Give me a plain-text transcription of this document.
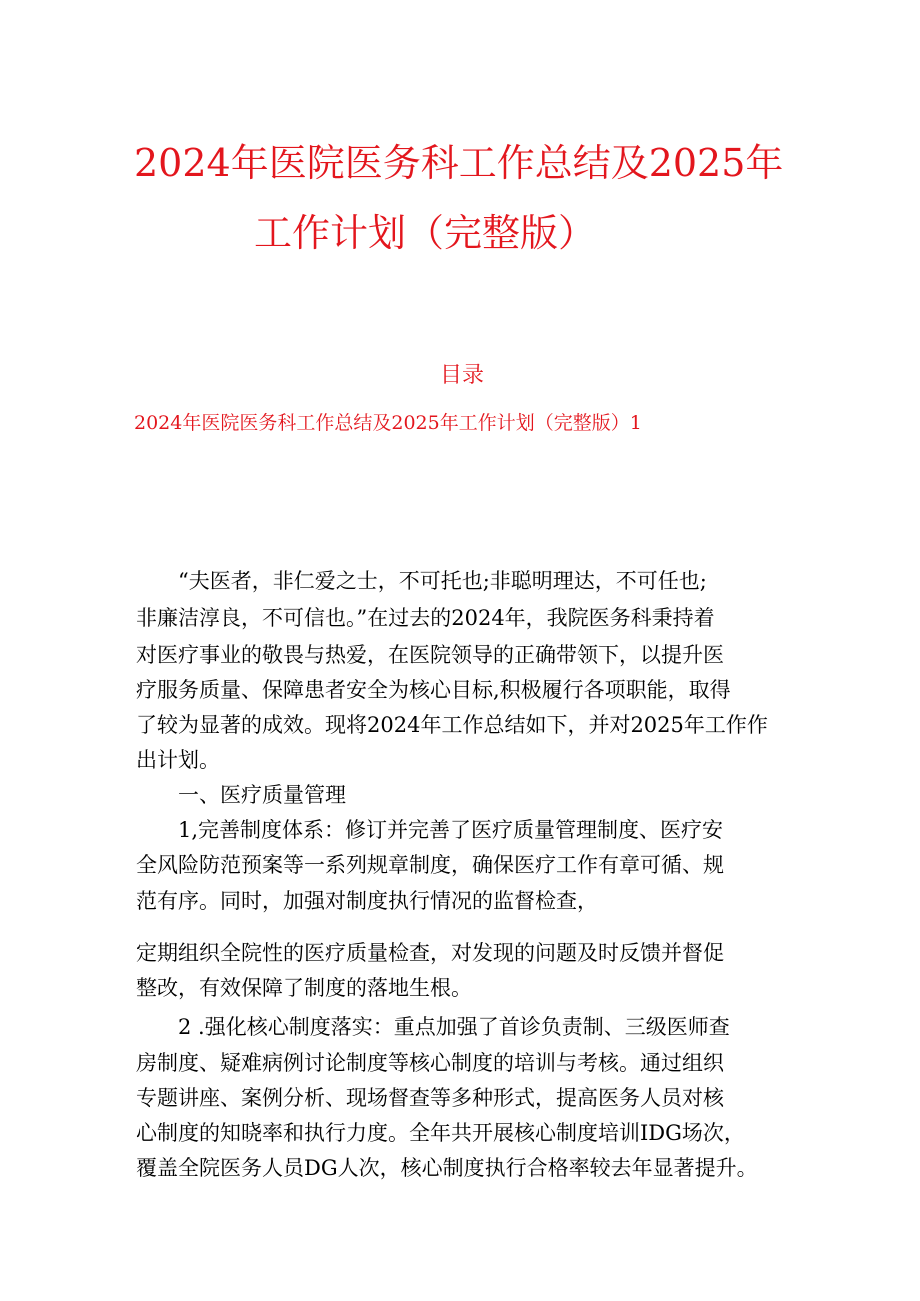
2024年医院医务科工作总结及2025年
工作计划（完整版）
目录
2024年医院医务科工作总结及2025年工作计划（完整版）1
“夫医者，非仁爱之士，不可托也;非聪明理达，不可任也;
非廉洁淳良，不可信也。”在过去的2024年，我院医务科秉持着
对医疗事业的敬畏与热爱，在医院领导的正确带领下，以提升医
疗服务质量、保障患者安全为核心目标,积极履行各项职能，取得
了较为显著的成效。现将2024年工作总结如下，并对2025年工作作
出计划。
一、医疗质量管理
1,完善制度体系：修订并完善了医疗质量管理制度、医疗安
全风险防范预案等一系列规章制度，确保医疗工作有章可循、规
范有序。同时，加强对制度执行情况的监督检查，
定期组织全院性的医疗质量检查，对发现的问题及时反馈并督促
整改，有效保障了制度的落地生根。
2 .强化核心制度落实：重点加强了首诊负责制、三级医师查
房制度、疑难病例讨论制度等核心制度的培训与考核。通过组织
专题讲座、案例分析、现场督查等多种形式，提高医务人员对核
心制度的知晓率和执行力度。全年共开展核心制度培训IDG场次，
覆盖全院医务人员DG人次，核心制度执行合格率较去年显著提升。
